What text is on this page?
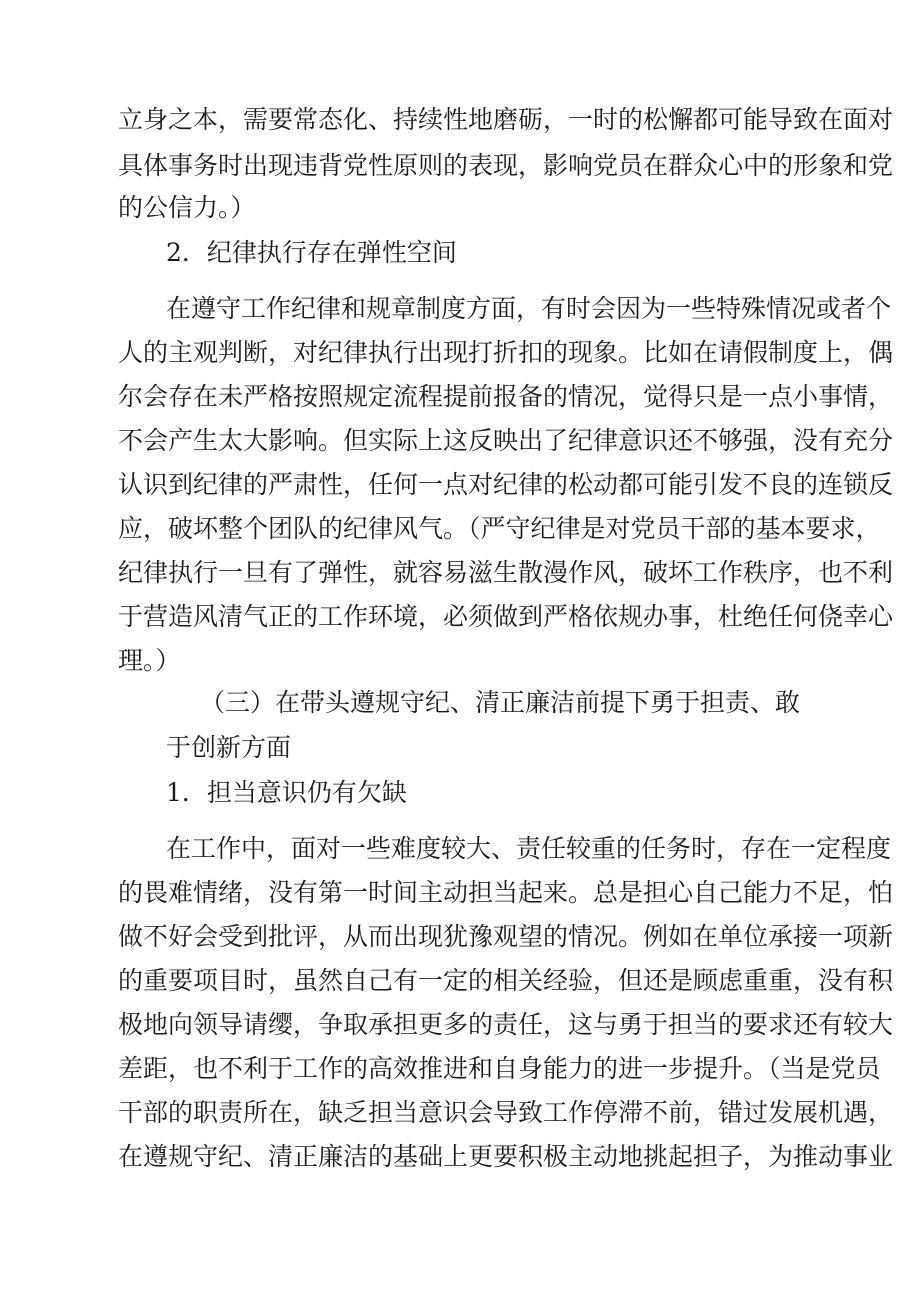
立身之本，需要常态化、持续性地磨砺，一时的松懈都可能导致在面对
具体事务时出现违背党性原则的表现，影响党员在群众心中的形象和党
的公信力。）
2．纪律执行存在弹性空间
在遵守工作纪律和规章制度方面，有时会因为一些特殊情况或者个
人的主观判断，对纪律执行出现打折扣的现象。比如在请假制度上，偶
尔会存在未严格按照规定流程提前报备的情况，觉得只是一点小事情，
不会产生太大影响。但实际上这反映出了纪律意识还不够强，没有充分
认识到纪律的严肃性，任何一点对纪律的松动都可能引发不良的连锁反
应，破坏整个团队的纪律风气。（严守纪律是对党员干部的基本要求，
纪律执行一旦有了弹性，就容易滋生散漫作风，破坏工作秩序，也不利
于营造风清气正的工作环境，必须做到严格依规办事，杜绝任何侥幸心
理。）
（三）在带头遵规守纪、清正廉洁前提下勇于担责、敢
于创新方面
1．担当意识仍有欠缺
在工作中，面对一些难度较大、责任较重的任务时，存在一定程度
的畏难情绪，没有第一时间主动担当起来。总是担心自己能力不足，怕
做不好会受到批评，从而出现犹豫观望的情况。例如在单位承接一项新
的重要项目时，虽然自己有一定的相关经验，但还是顾虑重重，没有积
极地向领导请缨，争取承担更多的责任，这与勇于担当的要求还有较大
差距，也不利于工作的高效推进和自身能力的进一步提升。（当是党员
干部的职责所在，缺乏担当意识会导致工作停滞不前，错过发展机遇，
在遵规守纪、清正廉洁的基础上更要积极主动地挑起担子，为推动事业
